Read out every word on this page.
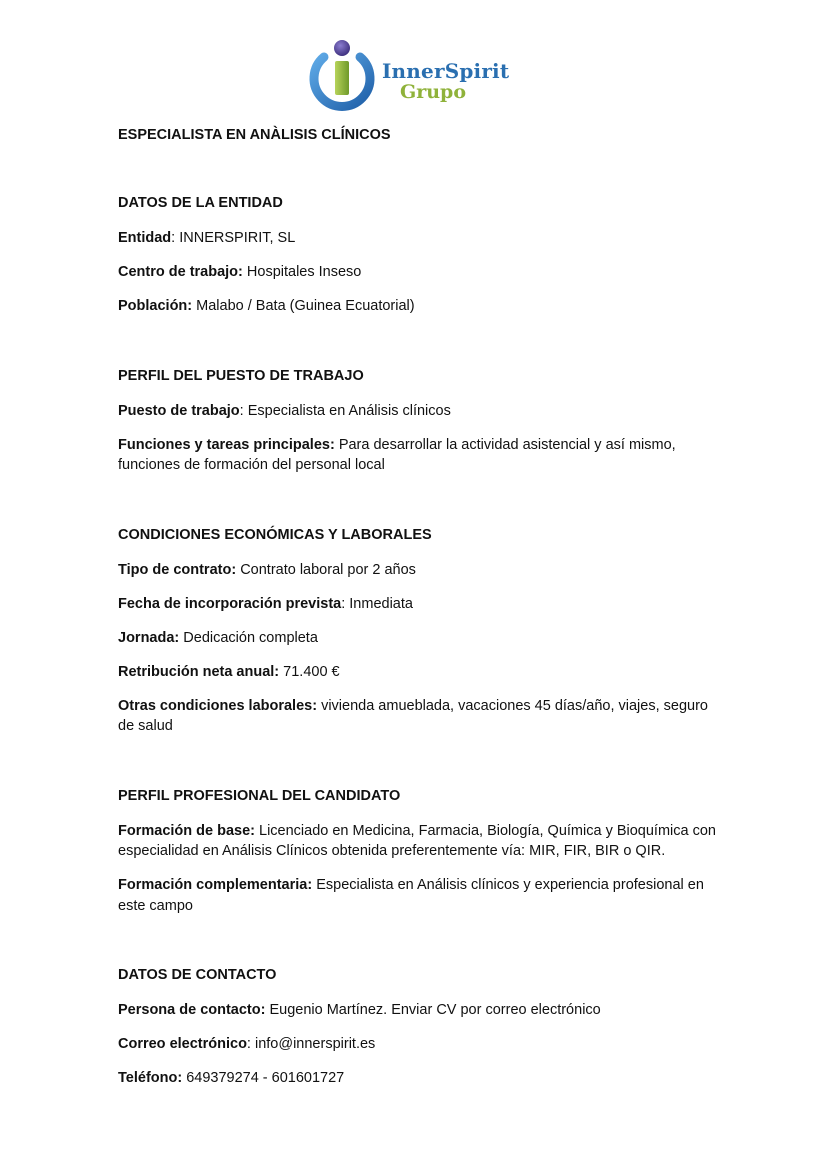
InnerSpirit
Grupo
ESPECIALISTA EN ANÀLISIS CLÍNICOS
DATOS DE LA ENTIDAD
Entidad: INNERSPIRIT, SL
Centro de trabajo: Hospitales Inseso
Población: Malabo / Bata (Guinea Ecuatorial)
PERFIL DEL PUESTO DE TRABAJO
Puesto de trabajo: Especialista en Análisis clínicos
Funciones y tareas principales: Para desarrollar la actividad asistencial y así mismo, funciones de formación del personal local
CONDICIONES ECONÓMICAS Y LABORALES
Tipo de contrato: Contrato laboral por 2 años
Fecha de incorporación prevista: Inmediata
Jornada: Dedicación completa
Retribución neta anual: 71.400 €
Otras condiciones laborales: vivienda amueblada, vacaciones 45 días/año, viajes, seguro de salud
PERFIL PROFESIONAL DEL CANDIDATO
Formación de base: Licenciado en Medicina, Farmacia, Biología, Química y Bioquímica con especialidad en Análisis Clínicos obtenida preferentemente vía: MIR, FIR, BIR o QIR.
Formación complementaria: Especialista en Análisis clínicos y experiencia profesional en este campo
DATOS DE CONTACTO
Persona de contacto: Eugenio Martínez. Enviar CV por correo electrónico
Correo electrónico: info@innerspirit.es
Teléfono: 649379274 - 601601727
